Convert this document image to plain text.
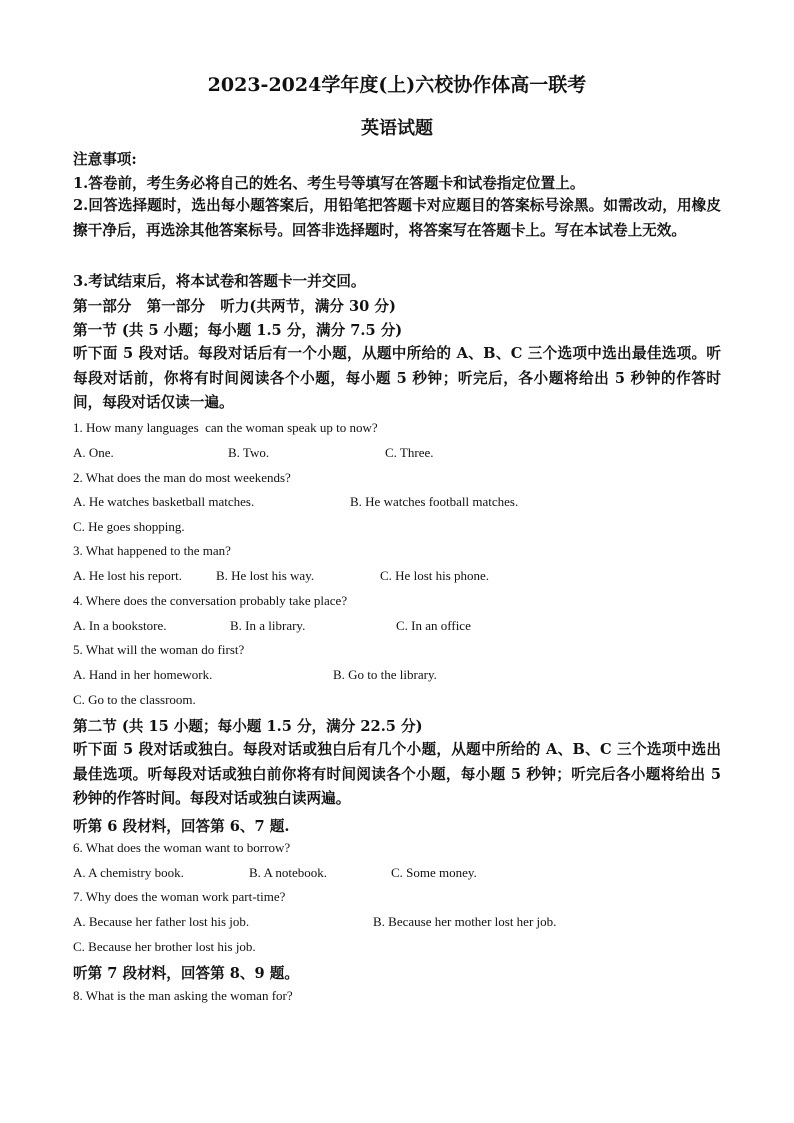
2023-2024学年度(上)六校协作体高一联考
英语试题
注意事项:
1.答卷前，考生务必将自己的姓名、考生号等填写在答题卡和试卷指定位置上。
2.回答选择题时，选出每小题答案后，用铅笔把答题卡对应题目的答案标号涂黑。如需改动，用橡皮擦干净后，再选涂其他答案标号。回答非选择题时，将答案写在答题卡上。写在本试卷上无效。
3.考试结束后，将本试卷和答题卡一并交回。
第一部分   第一部分   听力(共两节，满分 30 分)
第一节 (共 5 小题；每小题 1.5 分，满分 7.5 分)
听下面 5 段对话。每段对话后有一个小题，从题中所给的 A、B、C 三个选项中选出最佳选项。听每段对话前，你将有时间阅读各个小题，每小题 5 秒钟；听完后，各小题将给出 5 秒钟的作答时间，每段对话仅读一遍。
1. How many languages  can the woman speak up to now?
A. One.	B. Two.	C. Three.
2. What does the man do most weekends?
A. He watches basketball matches.	B. He watches football matches.
C. He goes shopping.
3. What happened to the man?
A. He lost his report.	B. He lost his way.	C. He lost his phone.
4. Where does the conversation probably take place?
A. In a bookstore.	B. In a library.	C. In an office
5. What will the woman do first?
A. Hand in her homework.	B. Go to the library.
C. Go to the classroom.
第二节 (共 15 小题；每小题 1.5 分，满分 22.5 分)
听下面 5 段对话或独白。每段对话或独白后有几个小题，从题中所给的 A、B、C 三个选项中选出最佳选项。听每段对话或独白前你将有时间阅读各个小题，每小题 5 秒钟；听完后各小题将给出 5 秒钟的作答时间。每段对话或独白读两遍。
听第 6 段材料，回答第 6、7 题.
6. What does the woman want to borrow?
A. A chemistry book.	B. A notebook.	C. Some money.
7. Why does the woman work part-time?
A. Because her father lost his job.	B. Because her mother lost her job.
C. Because her brother lost his job.
听第 7 段材料，回答第 8、9 题。
8. What is the man asking the woman for?
